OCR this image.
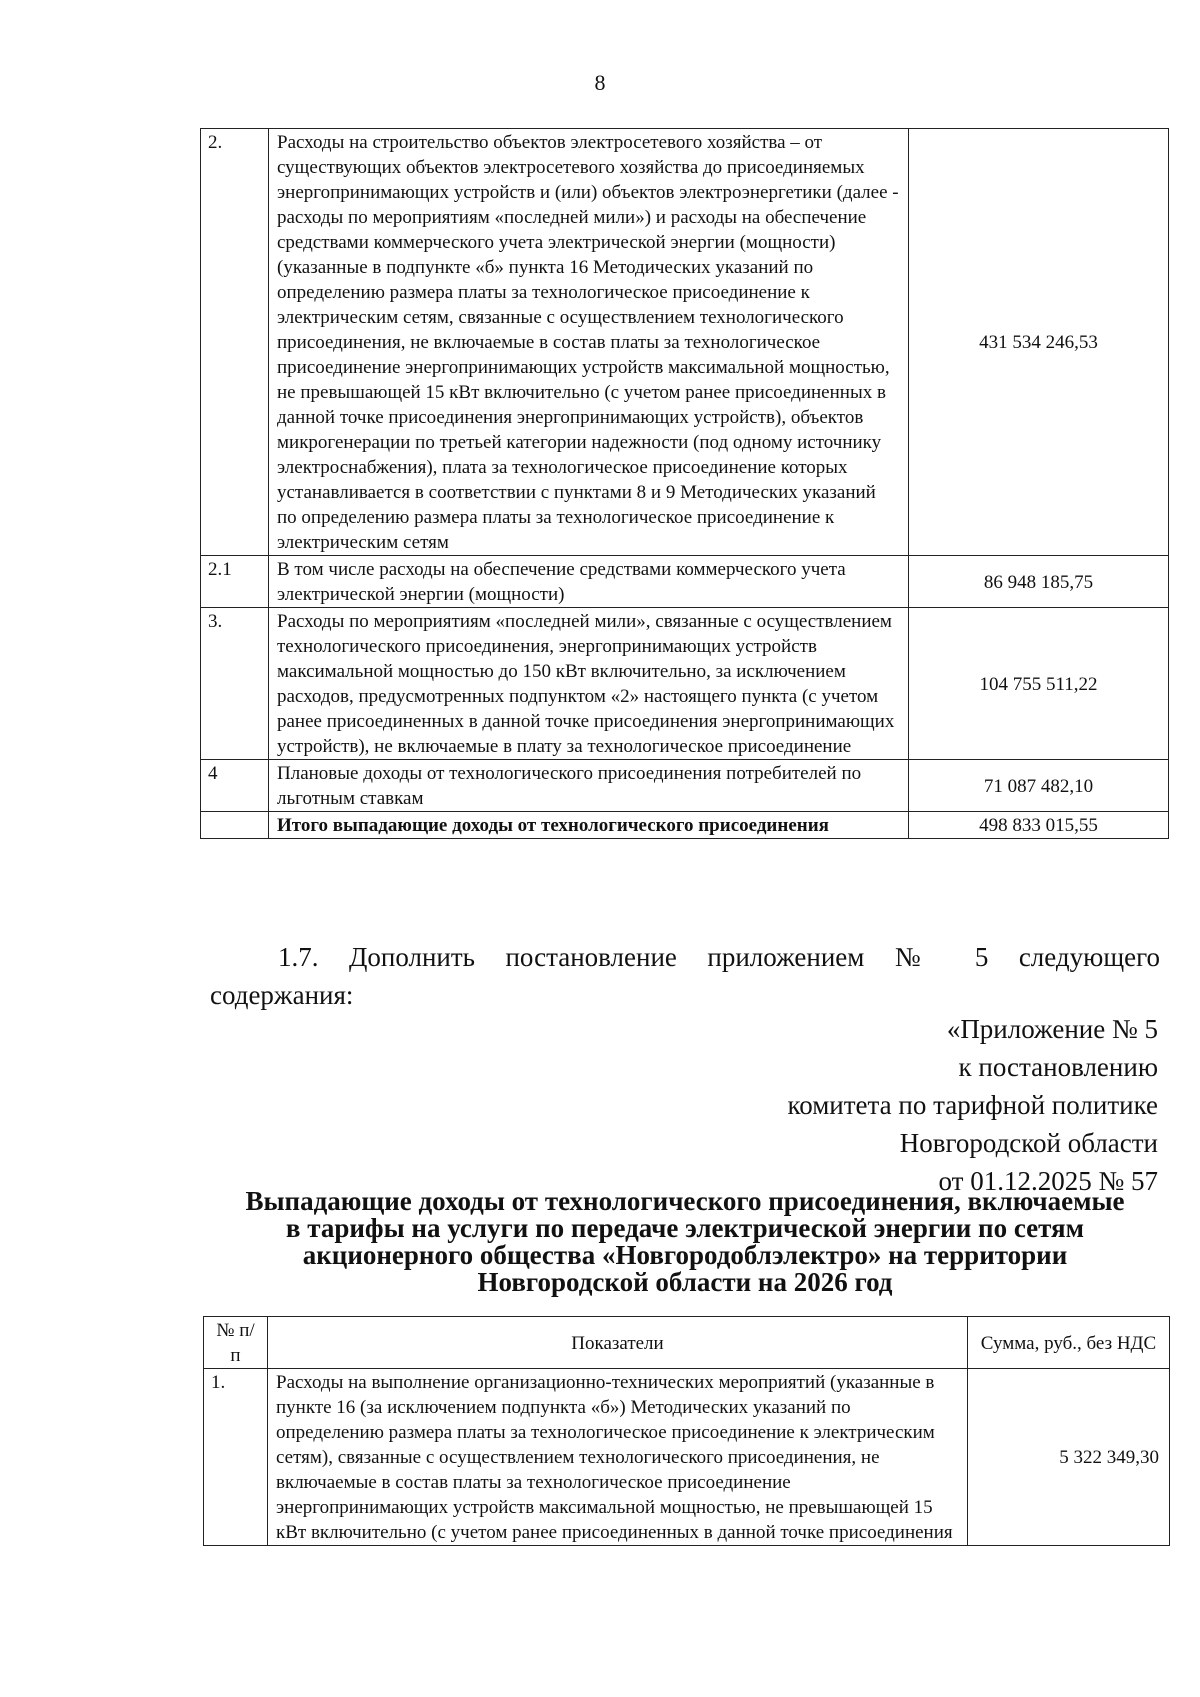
8
2.	Расходы на строительство объектов электросетевого хозяйства – от существующих объектов электросетевого хозяйства до присоединяемых энергопринимающих устройств и (или) объектов электроэнергетики (далее - расходы по мероприятиям «последней мили») и расходы на обеспечение средствами коммерческого учета электрической энергии (мощности) (указанные в подпункте «б» пункта 16 Методических указаний по определению размера платы за технологическое присоединение к электрическим сетям, связанные с осуществлением технологического присоединения, не включаемые в состав платы за технологическое присоединение энергопринимающих устройств максимальной мощностью, не превышающей 15 кВт включительно (с учетом ранее присоединенных в данной точке присоединения энергопринимающих устройств), объектов микрогенерации по третьей категории надежности (под одному источнику электроснабжения), плата за технологическое присоединение которых устанавливается в соответствии с пунктами 8 и 9 Методических указаний по определению размера платы за технологическое присоединение к электрическим сетям	431 534 246,53
2.1	В том числе расходы на обеспечение средствами коммерческого учета электрической энергии (мощности)	86 948 185,75
3.	Расходы по мероприятиям «последней мили», связанные с осуществлением технологического присоединения, энергопринимающих устройств максимальной мощностью до 150 кВт включительно, за исключением расходов, предусмотренных подпунктом «2» настоящего пункта (с учетом ранее присоединенных в данной точке присоединения энергопринимающих устройств), не включаемые в плату за технологическое присоединение	104 755 511,22
4	Плановые доходы от технологического присоединения потребителей по льготным ставкам	71 087 482,10
	Итого выпадающие доходы от технологического присоединения	498 833 015,55
1.7. Дополнить постановление приложением № 5 следующего
содержания:
«Приложение № 5
к постановлению
комитета по тарифной политике
Новгородской области
от 01.12.2025 № 57
Выпадающие доходы от технологического присоединения, включаемые
в тарифы на услуги по передаче электрической энергии по сетям
акционерного общества «Новгородоблэлектро» на территории
Новгородской области на 2026 год
№ п/п	Показатели	Сумма, руб., без НДС
1.	Расходы на выполнение организационно-технических мероприятий (указанные в пункте 16 (за исключением подпункта «б») Методических указаний по определению размера платы за технологическое присоединение к электрическим сетям), связанные с осуществлением технологического присоединения, не включаемые в состав платы за технологическое присоединение энергопринимающих устройств максимальной мощностью, не превышающей 15 кВт включительно (с учетом ранее присоединенных в данной точке присоединения	5 322 349,30
